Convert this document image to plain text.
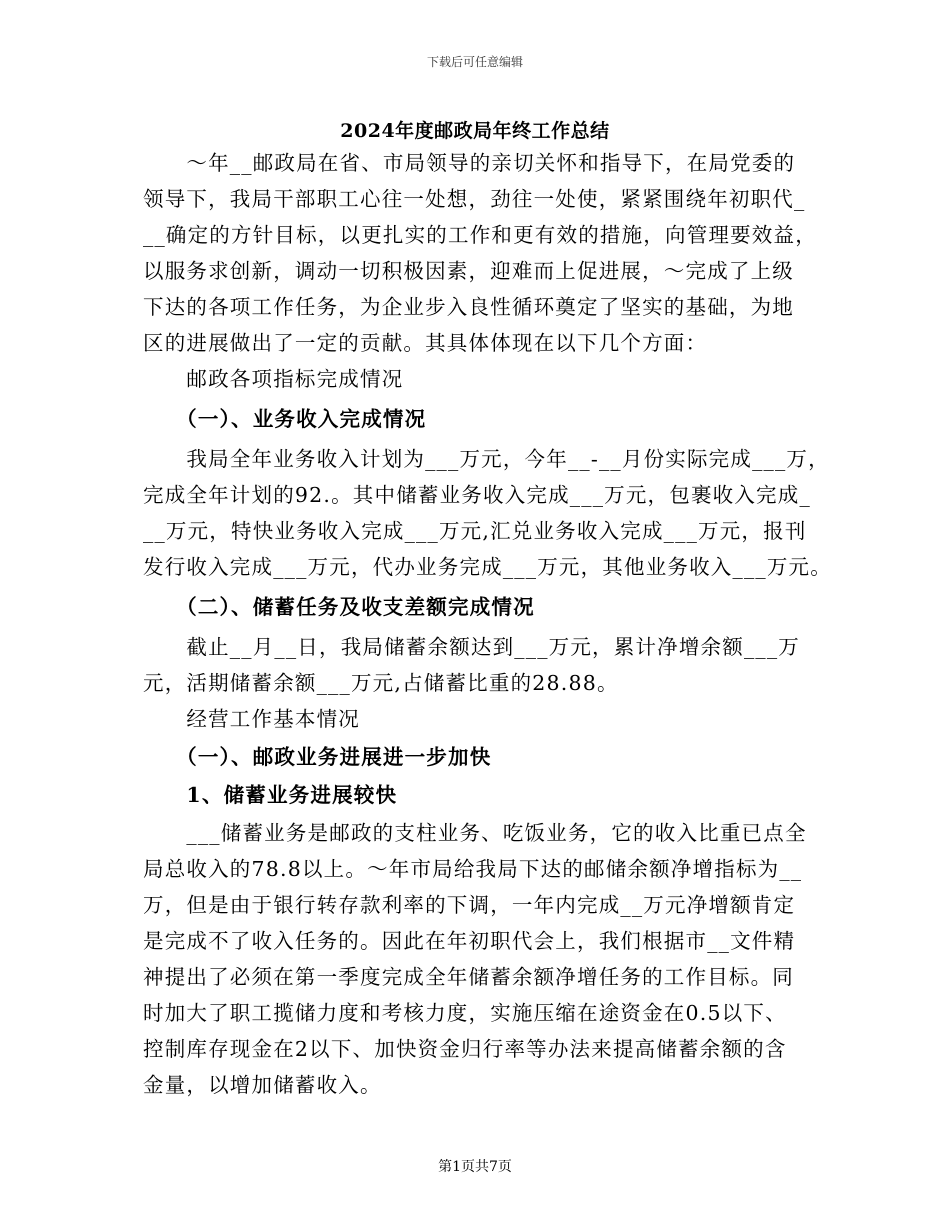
下载后可任意编辑
2024年度邮政局年终工作总结
　　～年__邮政局在省、市局领导的亲切关怀和指导下，在局党委的
领导下，我局干部职工心往一处想，劲往一处使，紧紧围绕年初职代_
__确定的方针目标，以更扎实的工作和更有效的措施，向管理要效益，
以服务求创新，调动一切积极因素，迎难而上促进展，～完成了上级
下达的各项工作任务，为企业步入良性循环奠定了坚实的基础，为地
区的进展做出了一定的贡献。其具体体现在以下几个方面：
　　邮政各项指标完成情况
　　（一）、业务收入完成情况
　　我局全年业务收入计划为___万元，今年__-__月份实际完成___万，
完成全年计划的92.。其中储蓄业务收入完成___万元，包裹收入完成_
__万元，特快业务收入完成___万元,汇兑业务收入完成___万元，报刊
发行收入完成___万元，代办业务完成___万元，其他业务收入___万元。
　　（二）、储蓄任务及收支差额完成情况
　　截止__月__日，我局储蓄余额达到___万元，累计净增余额___万
元，活期储蓄余额___万元,占储蓄比重的28.88。
　　经营工作基本情况
　　（一）、邮政业务进展进一步加快
　　1、储蓄业务进展较快
　　___储蓄业务是邮政的支柱业务、吃饭业务，它的收入比重已点全
局总收入的78.8以上。～年市局给我局下达的邮储余额净增指标为__
万，但是由于银行转存款利率的下调，一年内完成__万元净增额肯定
是完成不了收入任务的。因此在年初职代会上，我们根据市__文件精
神提出了必须在第一季度完成全年储蓄余额净增任务的工作目标。同
时加大了职工揽储力度和考核力度，实施压缩在途资金在0.5以下、
控制库存现金在2以下、加快资金归行率等办法来提高储蓄余额的含
金量，以增加储蓄收入。
第1页共7页
